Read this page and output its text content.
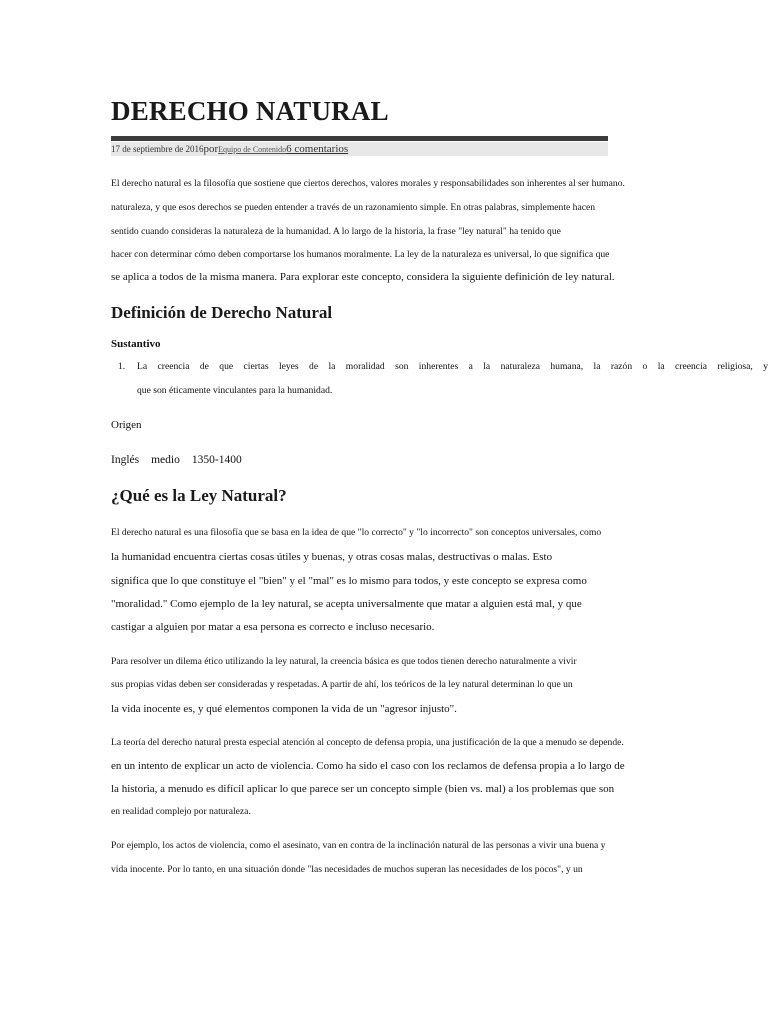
DERECHO NATURAL
17 de septiembre de 2016porEquipo de Contenido6 comentarios

El derecho natural es la filosofía que sostiene que ciertos derechos, valores morales y responsabilidades son inherentes al ser humano.

naturaleza, y que esos derechos se pueden entender a través de un razonamiento simple. En otras palabras, simplemente hacen

sentido cuando consideras la naturaleza de la humanidad. A lo largo de la historia, la frase "ley natural" ha tenido que

hacer con determinar cómo deben comportarse los humanos moralmente. La ley de la naturaleza es universal, lo que significa que

se aplica a todos de la misma manera. Para explorar este concepto, considera la siguiente definición de ley natural.

Definición de Derecho Natural

Sustantivo

1. La creencia de que ciertas leyes de la moralidad son inherentes a la naturaleza humana, la razón o la creencia religiosa, y
que son éticamente vinculantes para la humanidad.

Origen

Inglés medio 1350-1400

¿Qué es la Ley Natural?

El derecho natural es una filosofía que se basa en la idea de que "lo correcto" y "lo incorrecto" son conceptos universales, como

la humanidad encuentra ciertas cosas útiles y buenas, y otras cosas malas, destructivas o malas. Esto

significa que lo que constituye el "bien" y el "mal" es lo mismo para todos, y este concepto se expresa como

"moralidad." Como ejemplo de la ley natural, se acepta universalmente que matar a alguien está mal, y que

castigar a alguien por matar a esa persona es correcto e incluso necesario.

Para resolver un dilema ético utilizando la ley natural, la creencia básica es que todos tienen derecho naturalmente a vivir

sus propias vidas deben ser consideradas y respetadas. A partir de ahí, los teóricos de la ley natural determinan lo que un

la vida inocente es, y qué elementos componen la vida de un "agresor injusto".

La teoría del derecho natural presta especial atención al concepto de defensa propia, una justificación de la que a menudo se depende.

en un intento de explicar un acto de violencia. Como ha sido el caso con los reclamos de defensa propia a lo largo de

la historia, a menudo es difícil aplicar lo que parece ser un concepto simple (bien vs. mal) a los problemas que son

en realidad complejo por naturaleza.

Por ejemplo, los actos de violencia, como el asesinato, van en contra de la inclinación natural de las personas a vivir una buena y

vida inocente. Por lo tanto, en una situación donde "las necesidades de muchos superan las necesidades de los pocos", y un
